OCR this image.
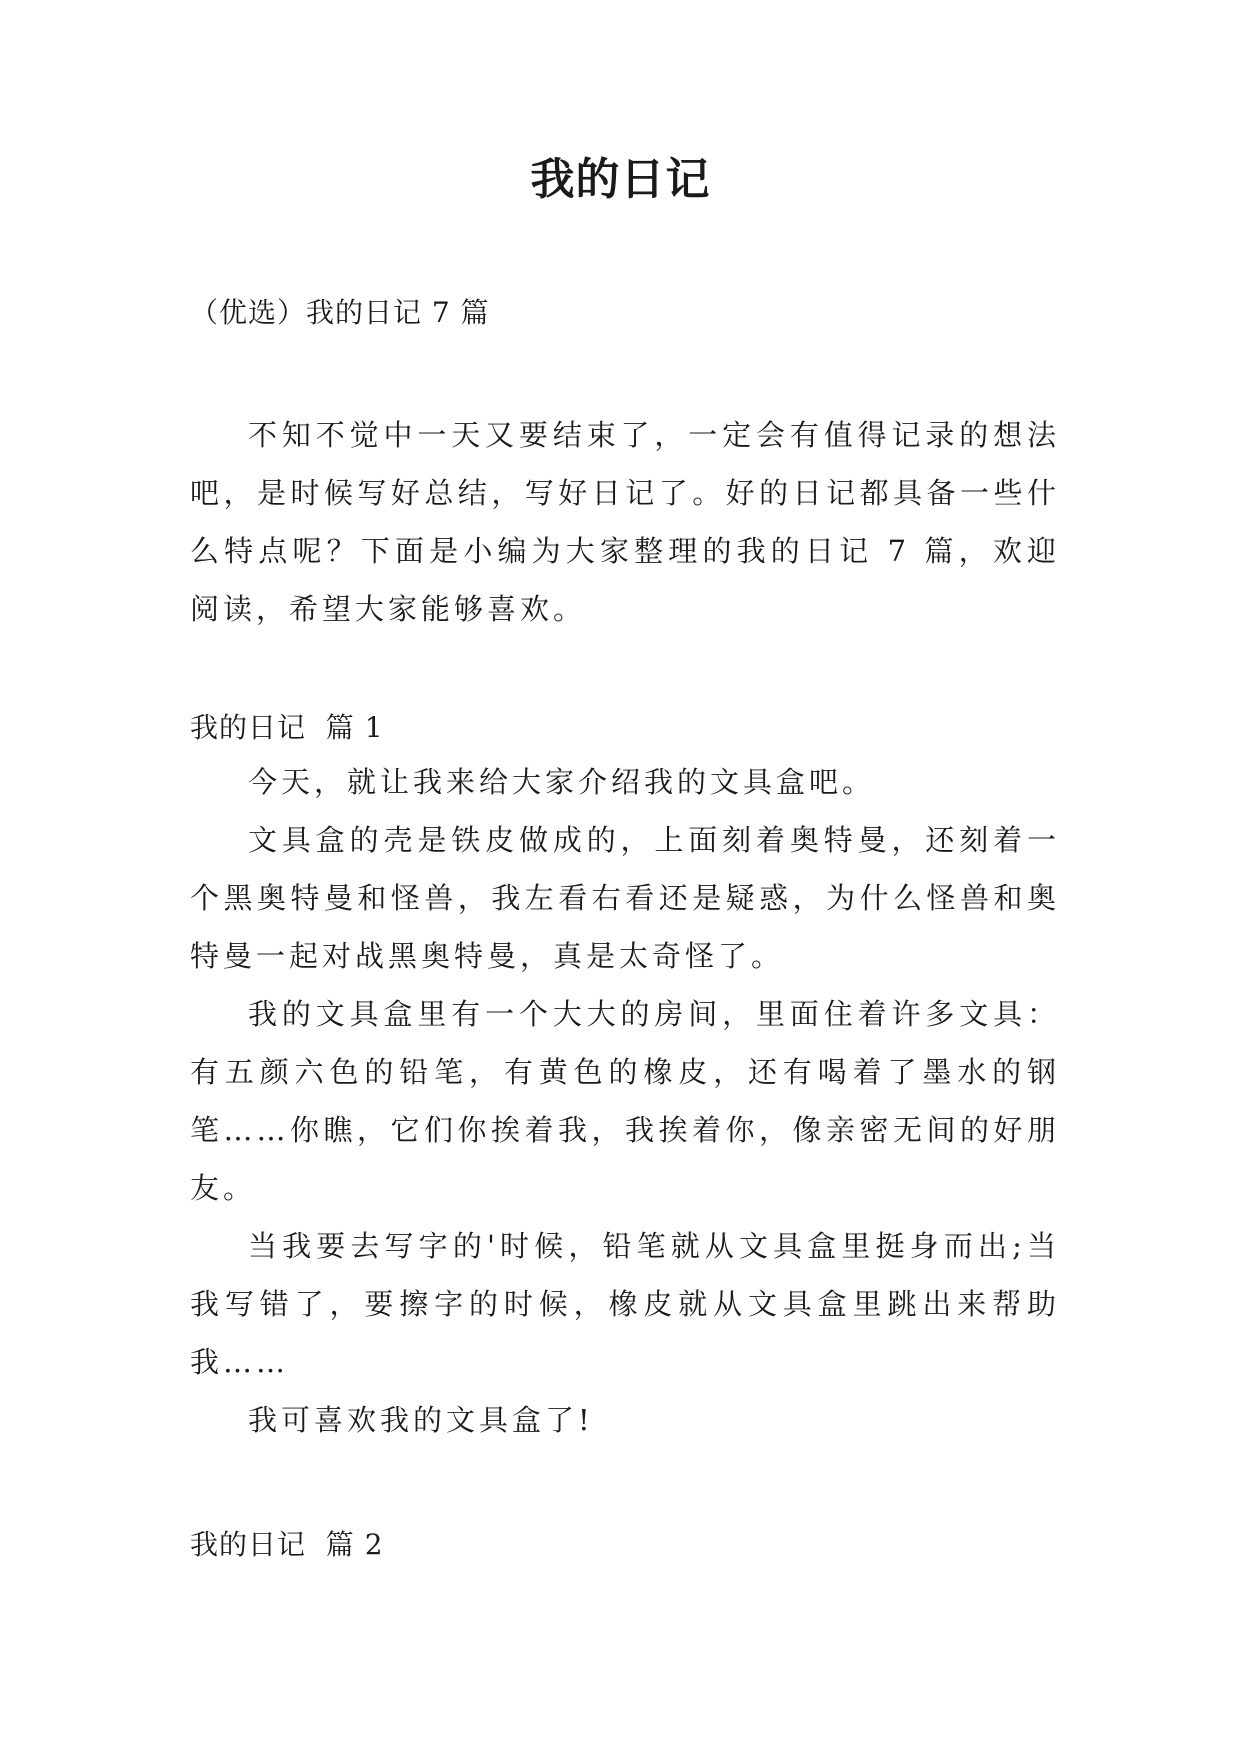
我的日记
（优选）我的日记 7 篇

不知不觉中一天又要结束了，一定会有值得记录的想法吧，是时候写好总结，写好日记了。好的日记都具备一些什么特点呢？下面是小编为大家整理的我的日记 7 篇，欢迎阅读，希望大家能够喜欢。

我的日记  篇 1

今天，就让我来给大家介绍我的文具盒吧。

文具盒的壳是铁皮做成的，上面刻着奥特曼，还刻着一个黑奥特曼和怪兽，我左看右看还是疑惑，为什么怪兽和奥特曼一起对战黑奥特曼，真是太奇怪了。

我的文具盒里有一个大大的房间，里面住着许多文具：有五颜六色的铅笔，有黄色的橡皮，还有喝着了墨水的钢笔……你瞧，它们你挨着我，我挨着你，像亲密无间的好朋友。

当我要去写字的'时候，铅笔就从文具盒里挺身而出;当我写错了，要擦字的时候，橡皮就从文具盒里跳出来帮助我……

我可喜欢我的文具盒了!

我的日记  篇 2
